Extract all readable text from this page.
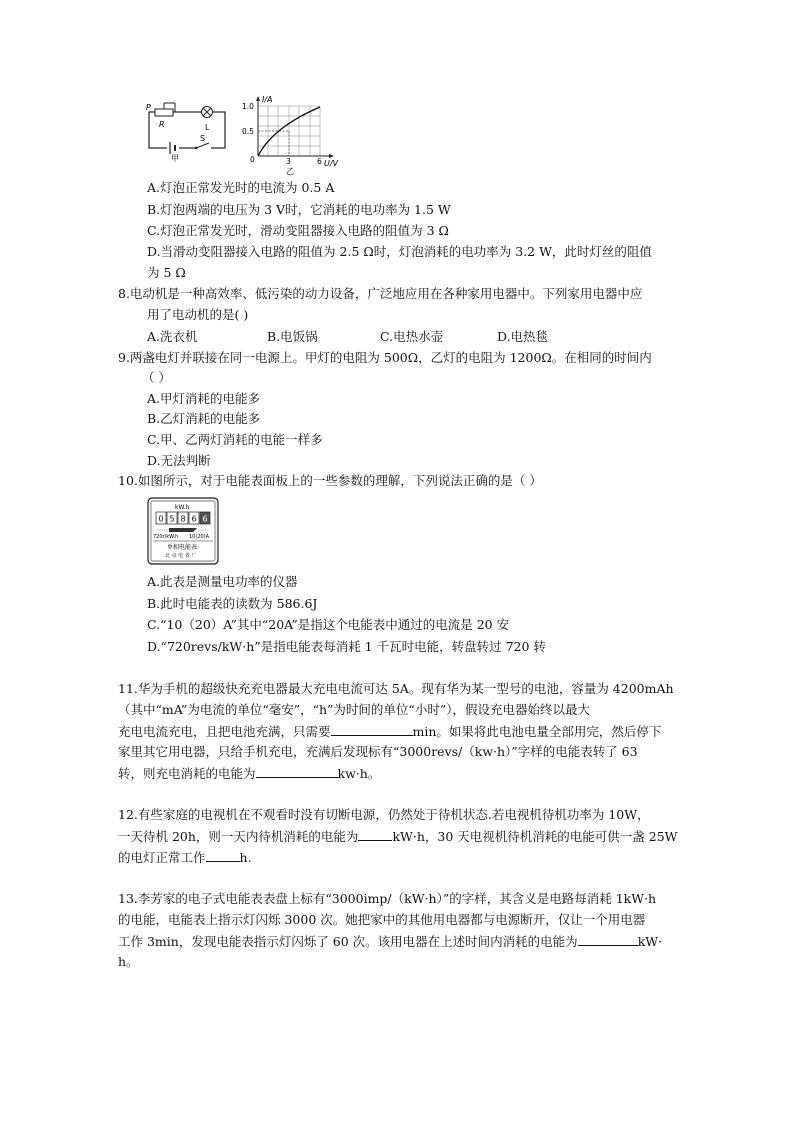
P
R	L
S
甲
I/A
1.0
0.5
0	3	6 U/V
乙
A.灯泡正常发光时的电流为 0.5 A
B.灯泡两端的电压为 3 V时，它消耗的电功率为 1.5 W
C.灯泡正常发光时，滑动变阻器接入电路的阻值为 3 Ω
D.当滑动变阻器接入电路的阻值为 2.5 Ω时，灯泡消耗的电功率为 3.2 W，此时灯丝的阻值
为 5 Ω
8.电动机是一种高效率、低污染的动力设备，广泛地应用在各种家用电器中。下列家用电器中应
用了电动机的是( )
A.洗衣机	B.电饭锅	C.电热水壶	D.电热毯
9.两盏电灯并联接在同一电源上。甲灯的电阻为 500Ω，乙灯的电阻为 1200Ω。在相同的时间内
（ ）
A.甲灯消耗的电能多
B.乙灯消耗的电能多
C.甲、乙两灯消耗的电能一样多
D.无法判断
10.如图所示，对于电能表面板上的一些参数的理解，下列说法正确的是（ ）
kW.h
0 5 8 6 6
720r/kW.h 10(20)A
单相电能表
北 京 电 表 厂
A.此表是测量电功率的仪器
B.此时电能表的读数为 586.6J
C.“10（20）A”其中“20A”是指这个电能表中通过的电流是 20 安
D.“720revs/kW·h”是指电能表每消耗 1 千瓦时电能，转盘转过 720 转
11.华为手机的超级快充充电器最大充电电流可达 5A。现有华为某一型号的电池，容量为 4200mAh
（其中“mA”为电流的单位“毫安”，“h”为时间的单位“小时”），假设充电器始终以最大
充电电流充电，且把电池充满，只需要	min。如果将此电池电量全部用完，然后停下
家里其它用电器，只给手机充电，充满后发现标有“3000revs/（kw·h）”字样的电能表转了 63
转，则充电消耗的电能为	kw·h。
12.有些家庭的电视机在不观看时没有切断电源，仍然处于待机状态.若电视机待机功率为 10W，
一天待机 20h，则一天内待机消耗的电能为	kW·h，30 天电视机待机消耗的电能可供一盏 25W
的电灯正常工作	h.
13.李芳家的电子式电能表表盘上标有“3000imp/（kW·h）”的字样，其含义是电路每消耗 1kW·h
的电能，电能表上指示灯闪烁 3000 次。她把家中的其他用电器都与电源断开，仅让一个用电器
工作 3min，发现电能表指示灯闪烁了 60 次。该用电器在上述时间内消耗的电能为	kW·
h。
